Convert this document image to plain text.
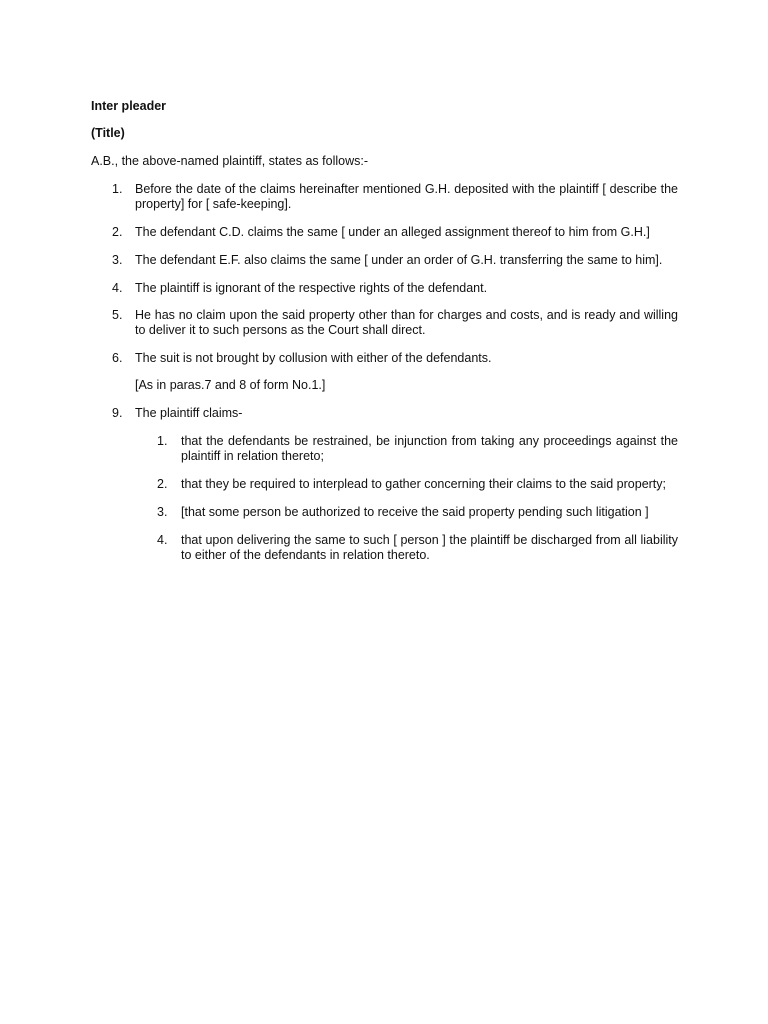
Inter pleader
(Title)
A.B., the above-named plaintiff, states as follows:-
1.	Before the date of the claims hereinafter mentioned G.H. deposited with the plaintiff [ describe the property] for [ safe-keeping].
2.	The defendant C.D. claims the same [ under an alleged assignment thereof to him from G.H.]
3.	The defendant E.F. also claims the same [ under an order of G.H. transferring the same to him].
4.	The plaintiff is ignorant of the respective rights of the defendant.
5.	He has no claim upon the said property other than for charges and costs, and is ready and willing to deliver it to such persons as the Court shall direct.
6.	The suit is not brought by collusion with either of the defendants.
[As in paras.7 and 8 of form No.1.]
9.	The plaintiff claims-
1.	that the defendants be restrained, be injunction from taking any proceedings against the plaintiff in relation thereto;
2.	that they be required to interplead to gather concerning their claims to the said property;
3.	[that some person be authorized to receive the said property pending such litigation ]
4.	that upon delivering the same to such [ person ] the plaintiff be discharged from all liability to either of the defendants in relation thereto.
